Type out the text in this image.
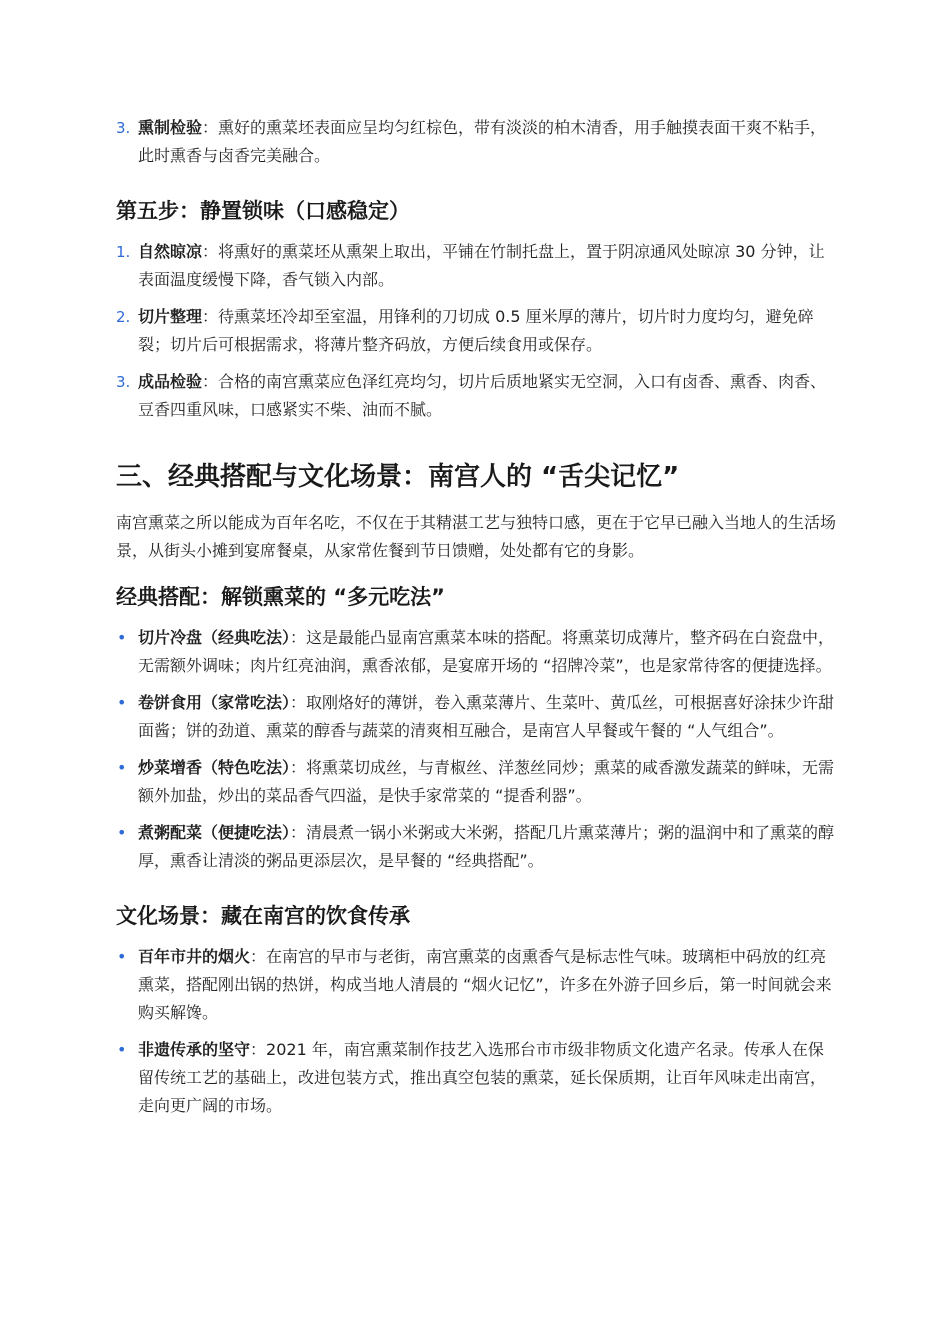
3. 熏制检验：熏好的熏菜坯表面应呈均匀红棕色，带有淡淡的柏木清香，用手触摸表面干爽不粘手，此时熏香与卤香完美融合。
第五步：静置锁味（口感稳定）
1. 自然晾凉：将熏好的熏菜坯从熏架上取出，平铺在竹制托盘上，置于阴凉通风处晾凉 30 分钟，让表面温度缓慢下降，香气锁入内部。
2. 切片整理：待熏菜坯冷却至室温，用锋利的刀切成 0.5 厘米厚的薄片，切片时力度均匀，避免碎裂；切片后可根据需求，将薄片整齐码放，方便后续食用或保存。
3. 成品检验：合格的南宫熏菜应色泽红亮均匀，切片后质地紧实无空洞，入口有卤香、熏香、肉香、豆香四重风味，口感紧实不柴、油而不腻。
三、经典搭配与文化场景：南宫人的 “舌尖记忆”

南宫熏菜之所以能成为百年名吃，不仅在于其精湛工艺与独特口感，更在于它早已融入当地人的生活场景，从街头小摊到宴席餐桌，从家常佐餐到节日馈赠，处处都有它的身影。

经典搭配：解锁熏菜的 “多元吃法”
• 切片冷盘（经典吃法）：这是最能凸显南宫熏菜本味的搭配。将熏菜切成薄片，整齐码在白瓷盘中，无需额外调味；肉片红亮油润，熏香浓郁，是宴席开场的 “招牌冷菜”，也是家常待客的便捷选择。
• 卷饼食用（家常吃法）：取刚烙好的薄饼，卷入熏菜薄片、生菜叶、黄瓜丝，可根据喜好涂抹少许甜面酱；饼的劲道、熏菜的醇香与蔬菜的清爽相互融合，是南宫人早餐或午餐的 “人气组合”。
• 炒菜增香（特色吃法）：将熏菜切成丝，与青椒丝、洋葱丝同炒；熏菜的咸香激发蔬菜的鲜味，无需额外加盐，炒出的菜品香气四溢，是快手家常菜的 “提香利器”。
• 煮粥配菜（便捷吃法）：清晨煮一锅小米粥或大米粥，搭配几片熏菜薄片；粥的温润中和了熏菜的醇厚，熏香让清淡的粥品更添层次，是早餐的 “经典搭配”。
文化场景：藏在南宫的饮食传承
• 百年市井的烟火：在南宫的早市与老街，南宫熏菜的卤熏香气是标志性气味。玻璃柜中码放的红亮熏菜，搭配刚出锅的热饼，构成当地人清晨的 “烟火记忆”，许多在外游子回乡后，第一时间就会来购买解馋。
• 非遗传承的坚守：2021 年，南宫熏菜制作技艺入选邢台市市级非物质文化遗产名录。传承人在保留传统工艺的基础上，改进包装方式，推出真空包装的熏菜，延长保质期，让百年风味走出南宫，走向更广阔的市场。
